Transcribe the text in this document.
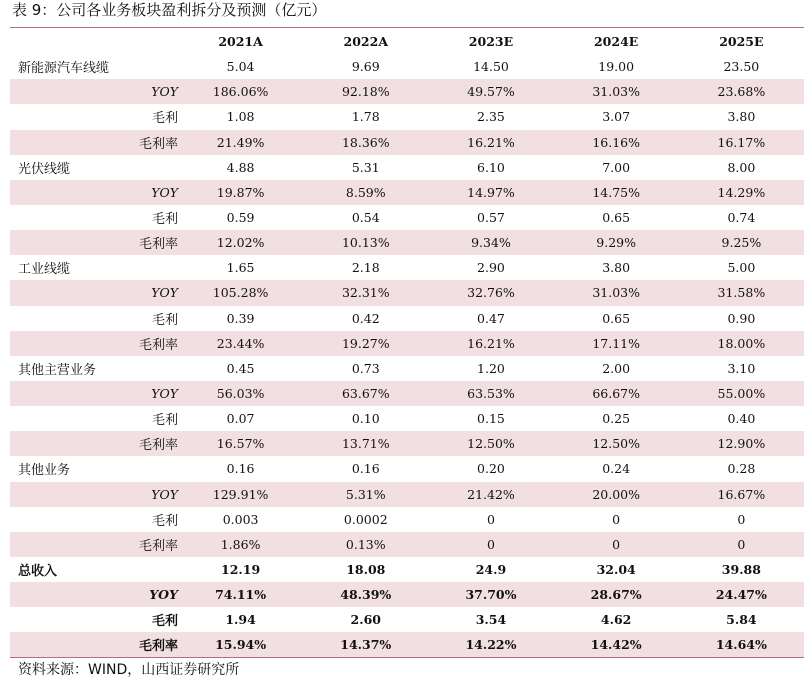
表 9：公司各业务板块盈利拆分及预测（亿元）
	2021A	2022A	2023E	2024E	2025E
新能源汽车线缆	5.04	9.69	14.50	19.00	23.50
YOY	186.06%	92.18%	49.57%	31.03%	23.68%
毛利	1.08	1.78	2.35	3.07	3.80
毛利率	21.49%	18.36%	16.21%	16.16%	16.17%
光伏线缆	4.88	5.31	6.10	7.00	8.00
YOY	19.87%	8.59%	14.97%	14.75%	14.29%
毛利	0.59	0.54	0.57	0.65	0.74
毛利率	12.02%	10.13%	9.34%	9.29%	9.25%
工业线缆	1.65	2.18	2.90	3.80	5.00
YOY	105.28%	32.31%	32.76%	31.03%	31.58%
毛利	0.39	0.42	0.47	0.65	0.90
毛利率	23.44%	19.27%	16.21%	17.11%	18.00%
其他主营业务	0.45	0.73	1.20	2.00	3.10
YOY	56.03%	63.67%	63.53%	66.67%	55.00%
毛利	0.07	0.10	0.15	0.25	0.40
毛利率	16.57%	13.71%	12.50%	12.50%	12.90%
其他业务	0.16	0.16	0.20	0.24	0.28
YOY	129.91%	5.31%	21.42%	20.00%	16.67%
毛利	0.003	0.0002	0	0	0
毛利率	1.86%	0.13%	0	0	0
总收入	12.19	18.08	24.9	32.04	39.88
YOY	74.11%	48.39%	37.70%	28.67%	24.47%
毛利	1.94	2.60	3.54	4.62	5.84
毛利率	15.94%	14.37%	14.22%	14.42%	14.64%
资料来源：WIND，山西证券研究所
